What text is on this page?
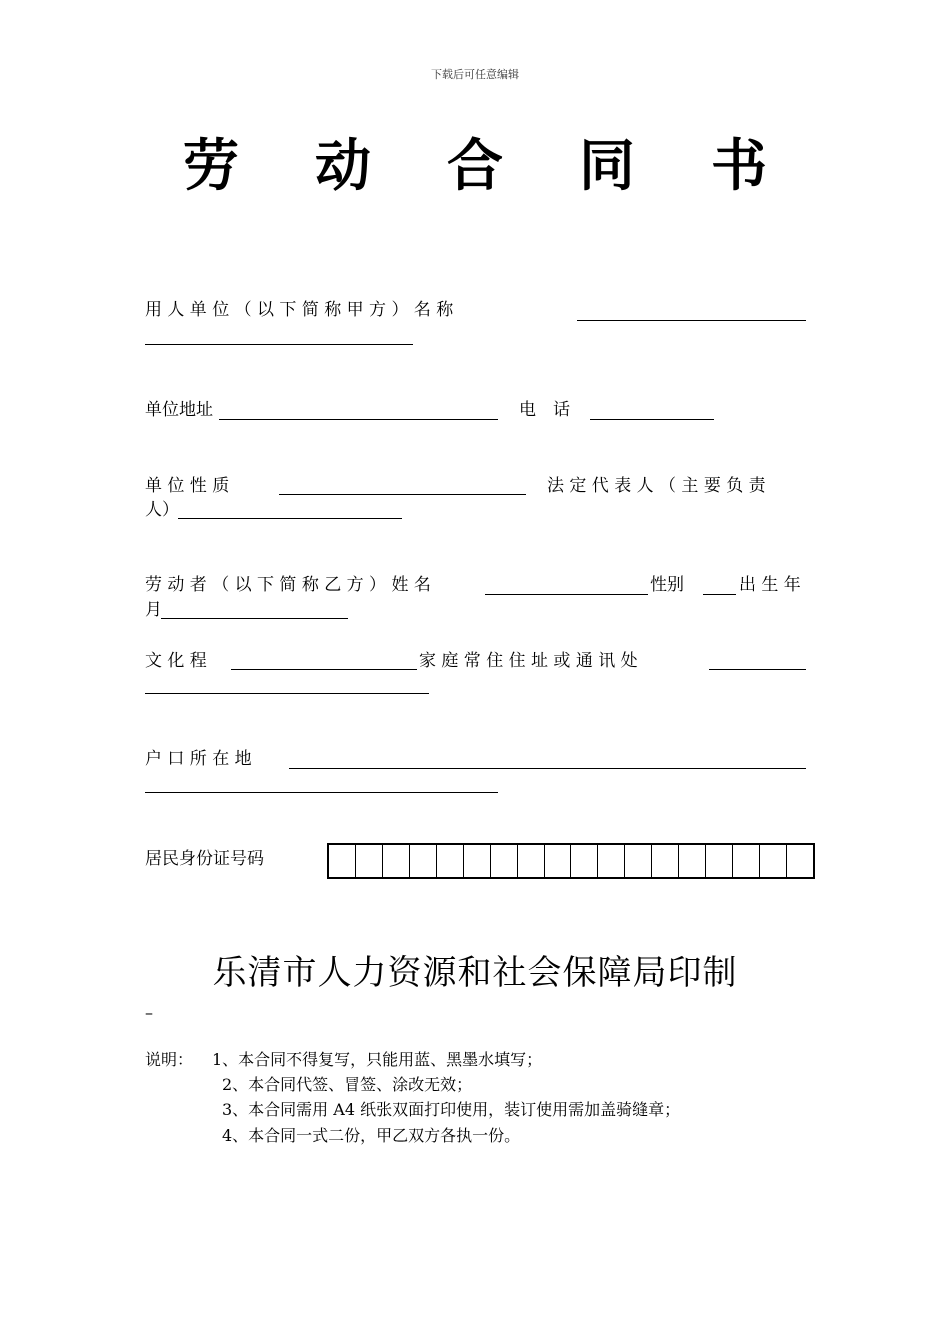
下载后可任意编辑
劳 动 合 同 书
用 人 单 位 （ 以 下 简 称 甲 方 ） 名 称
单位地址	电　话
单 位 性 质	法 定 代 表 人 （ 主 要 负 责
人）
劳 动 者 （ 以 下 简 称 乙 方 ） 姓 名	性别	出 生 年
月
文 化 程	家 庭 常 住 住 址 或 通 讯 处
户 口 所 在 地
居民身份证号码
乐清市人力资源和社会保障局印制
–
说明： 1、本合同不得复写，只能用蓝、黑墨水填写；
2、本合同代签、冒签、涂改无效；
3、本合同需用 A4 纸张双面打印使用，装订使用需加盖骑缝章；
4、本合同一式二份，甲乙双方各执一份。
